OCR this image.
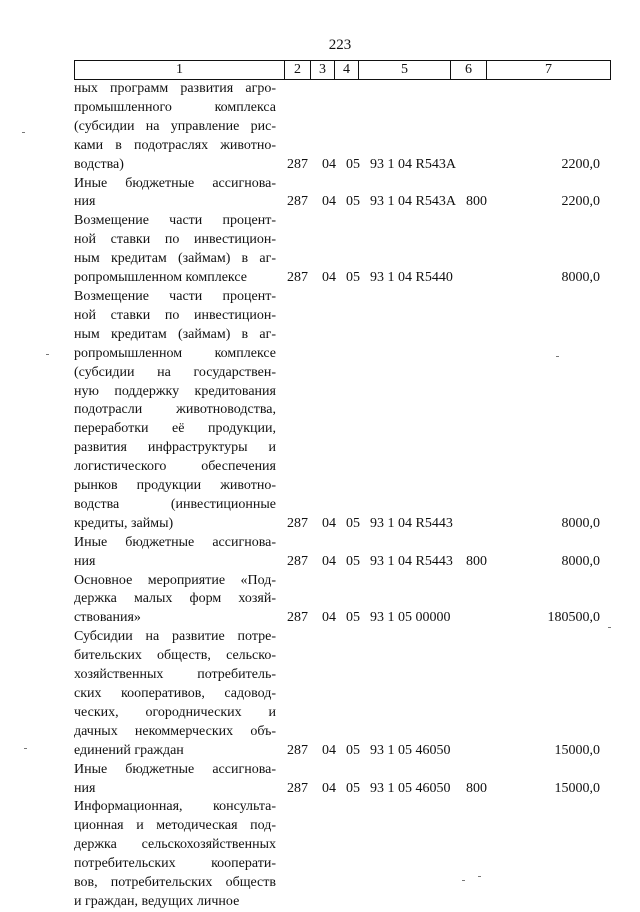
223
1	2	3	4	5	6	7
ных программ развития агро-
промышленного комплекса
(субсидии на управление рис-
ками в подотраслях животно-
водства)	287 04 05 93 1 04 R543A	2200,0
Иные бюджетные ассигнова-
ния	287 04 05 93 1 04 R543A 800	2200,0
Возмещение части процент-
ной ставки по инвестицион-
ным кредитам (займам) в аг-
ропромышленном комплексе	287 04 05 93 1 04 R5440	8000,0
Возмещение части процент-
ной ставки по инвестицион-
ным кредитам (займам) в аг-
ропромышленном комплексе
(субсидии на государствен-
ную поддержку кредитования
подотрасли животноводства,
переработки её продукции,
развития инфраструктуры и
логистического обеспечения
рынков продукции животно-
водства (инвестиционные
кредиты, займы)	287 04 05 93 1 04 R5443	8000,0
Иные бюджетные ассигнова-
ния	287 04 05 93 1 04 R5443 800	8000,0
Основное мероприятие «Под-
держка малых форм хозяй-
ствования»	287 04 05 93 1 05 00000	180500,0
Субсидии на развитие потре-
бительских обществ, сельско-
хозяйственных потребитель-
ских кооперативов, садовод-
ческих, огороднических и
дачных некоммерческих объ-
единений граждан	287 04 05 93 1 05 46050	15000,0
Иные бюджетные ассигнова-
ния	287 04 05 93 1 05 46050 800	15000,0
Информационная, консульта-
ционная и методическая под-
держка сельскохозяйственных
потребительских кооперати-
вов, потребительских обществ
и граждан, ведущих личное
